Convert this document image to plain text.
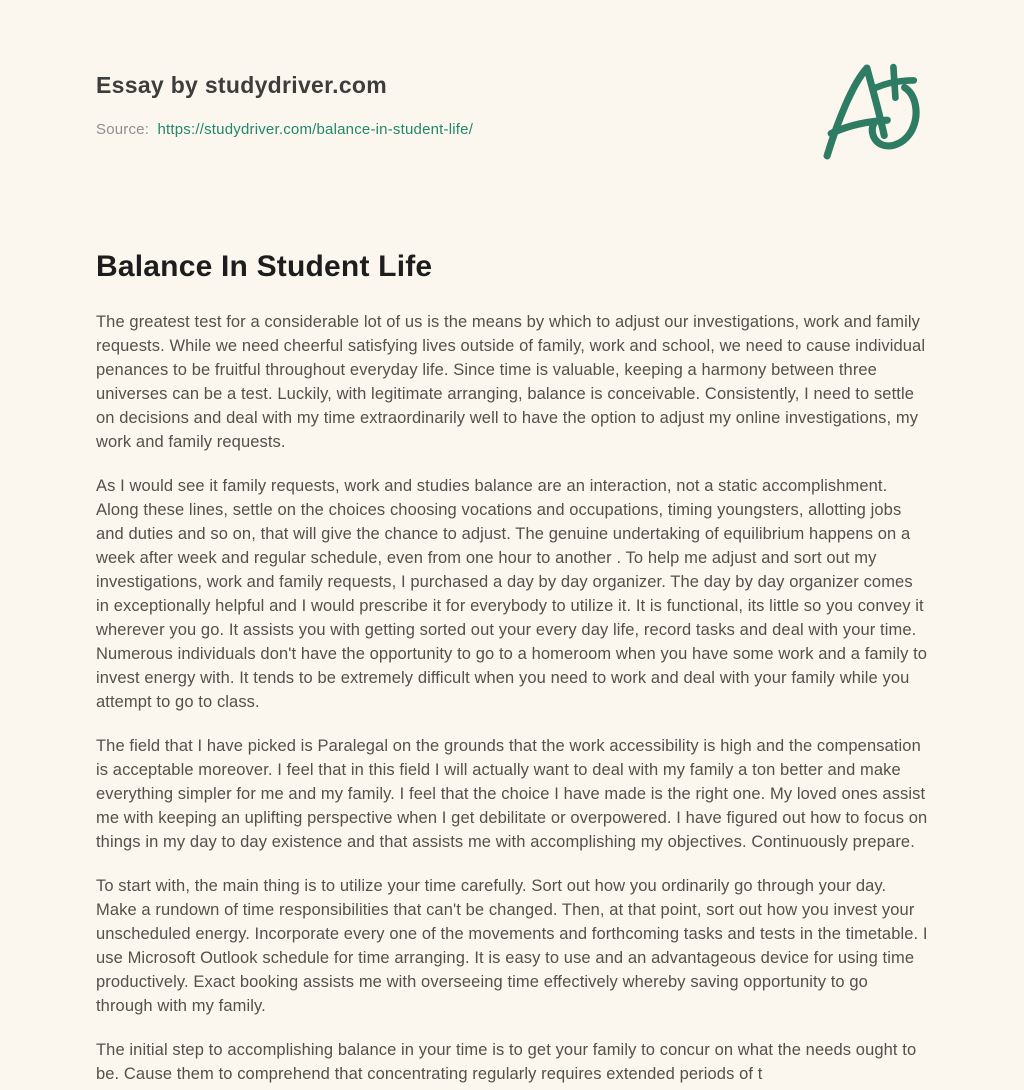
Essay by studydriver.com
Source: https://studydriver.com/balance-in-student-life/
Balance In Student Life

The greatest test for a considerable lot of us is the means by which to adjust our investigations, work and family requests. While we need cheerful satisfying lives outside of family, work and school, we need to cause individual penances to be fruitful throughout everyday life. Since time is valuable, keeping a harmony between three universes can be a test. Luckily, with legitimate arranging, balance is conceivable. Consistently, I need to settle on decisions and deal with my time extraordinarily well to have the option to adjust my online investigations, my work and family requests.

As I would see it family requests, work and studies balance are an interaction, not a static accomplishment. Along these lines, settle on the choices choosing vocations and occupations, timing youngsters, allotting jobs and duties and so on, that will give the chance to adjust. The genuine undertaking of equilibrium happens on a week after week and regular schedule, even from one hour to another . To help me adjust and sort out my investigations, work and family requests, I purchased a day by day organizer. The day by day organizer comes in exceptionally helpful and I would prescribe it for everybody to utilize it. It is functional, its little so you convey it wherever you go. It assists you with getting sorted out your every day life, record tasks and deal with your time. Numerous individuals don't have the opportunity to go to a homeroom when you have some work and a family to invest energy with. It tends to be extremely difficult when you need to work and deal with your family while you attempt to go to class.

The field that I have picked is Paralegal on the grounds that the work accessibility is high and the compensation is acceptable moreover. I feel that in this field I will actually want to deal with my family a ton better and make everything simpler for me and my family. I feel that the choice I have made is the right one. My loved ones assist me with keeping an uplifting perspective when I get debilitate or overpowered. I have figured out how to focus on things in my day to day existence and that assists me with accomplishing my objectives. Continuously prepare.

To start with, the main thing is to utilize your time carefully. Sort out how you ordinarily go through your day. Make a rundown of time responsibilities that can't be changed. Then, at that point, sort out how you invest your unscheduled energy. Incorporate every one of the movements and forthcoming tasks and tests in the timetable. I use Microsoft Outlook schedule for time arranging. It is easy to use and an advantageous device for using time productively. Exact booking assists me with overseeing time effectively whereby saving opportunity to go through with my family.

The initial step to accomplishing balance in your time is to get your family to concur on what the needs ought to be. Cause them to comprehend that concentrating regularly requires extended periods of t
